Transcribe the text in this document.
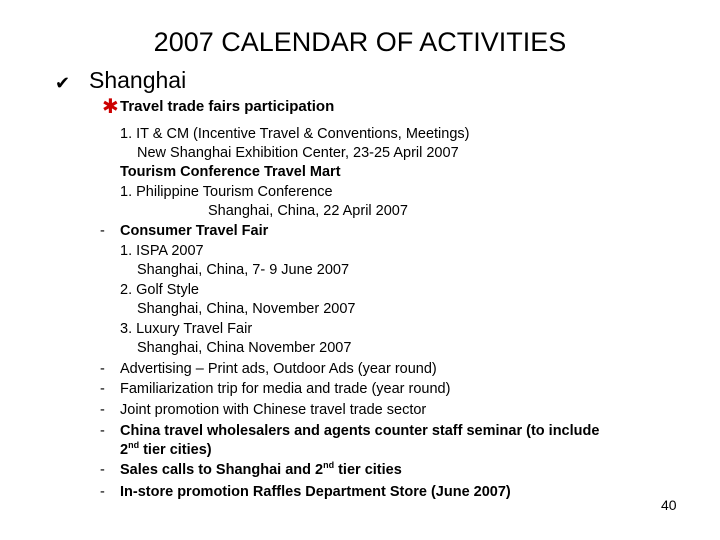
2007 CALENDAR OF ACTIVITIES
✔ Shanghai
✱ Travel trade fairs participation
1. IT & CM (Incentive Travel & Conventions, Meetings)
New Shanghai Exhibition Center, 23-25 April 2007
Tourism Conference Travel Mart
1. Philippine Tourism Conference
Shanghai, China, 22 April 2007
- Consumer Travel Fair
1. ISPA 2007
Shanghai, China, 7- 9 June 2007
2. Golf Style
Shanghai, China, November 2007
3. Luxury Travel Fair
Shanghai, China November 2007
- Advertising – Print ads, Outdoor Ads (year round)
- Familiarization trip for media and trade (year round)
- Joint promotion with Chinese travel trade sector
- China travel wholesalers and agents counter staff seminar (to include
2nd tier cities)
- Sales calls to Shanghai and 2nd tier cities
- In-store promotion Raffles Department Store (June 2007)
40
